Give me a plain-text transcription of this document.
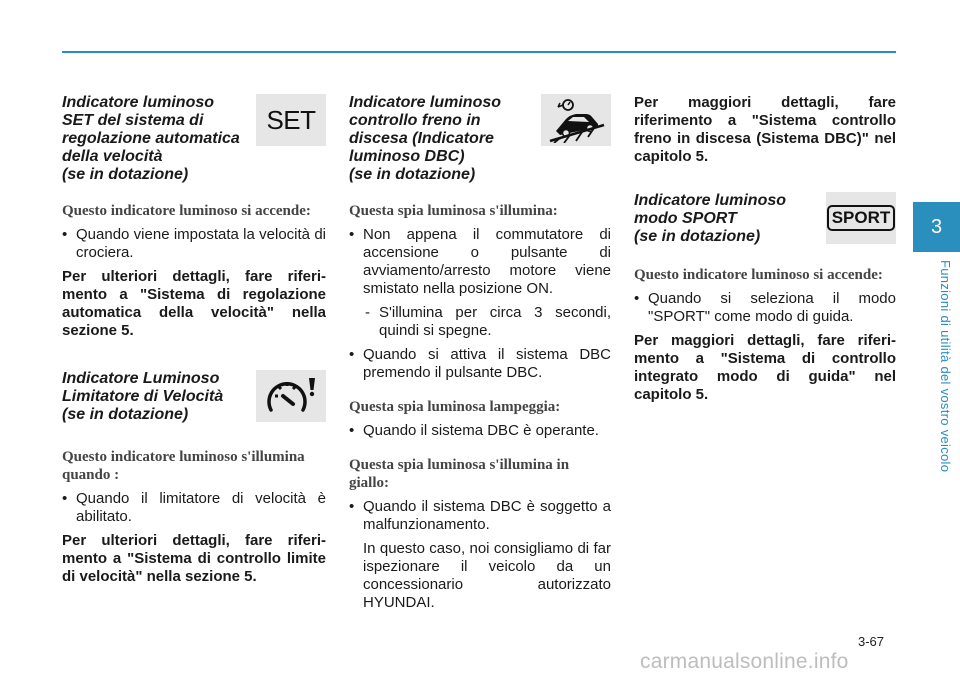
Indicatore luminoso
SET del sistema di
regolazione automatica
della velocità
(se in dotazione)
SET
Questo indicatore luminoso si accende:
• Quando viene impostata la velocità di crociera.
Per ulteriori dettagli, fare riferi-mento a "Sistema di regolazione automatica della velocità" nella sezione 5.
Indicatore Luminoso
Limitatore di Velocità
(se in dotazione)
Questo indicatore luminoso s'illumina quando :
• Quando il limitatore di velocità è abilitato.
Per ulteriori dettagli, fare riferi-mento a "Sistema di controllo limite di velocità" nella sezione 5.
Indicatore luminoso
controllo freno in
discesa (Indicatore
luminoso DBC)
(se in dotazione)
Questa spia luminosa s'illumina:
• Non appena il commutatore di accensione o pulsante di avviamento/arresto motore viene smistato nella posizione ON.
- S'illumina per circa 3 secondi, quindi si spegne.
• Quando si attiva il sistema DBC premendo il pulsante DBC.
Questa spia luminosa lampeggia:
• Quando il sistema DBC è operante.
Questa spia luminosa s'illumina in giallo:
• Quando il sistema DBC è soggetto a malfunzionamento.
In questo caso, noi consigliamo di far ispezionare il veicolo da un concessionario autorizzato HYUNDAI.
Per maggiori dettagli, fare riferimento a "Sistema controllo freno in discesa (Sistema DBC)" nel capitolo 5.
Indicatore luminoso
modo SPORT
(se in dotazione)
SPORT
Questo indicatore luminoso si accende:
• Quando si seleziona il modo "SPORT" come modo di guida.
Per maggiori dettagli, fare riferi-mento a "Sistema di controllo integrato modo di guida" nel capitolo 5.
3
Funzioni di utilità del vostro veicolo
3-67
carmanualsonline.info
